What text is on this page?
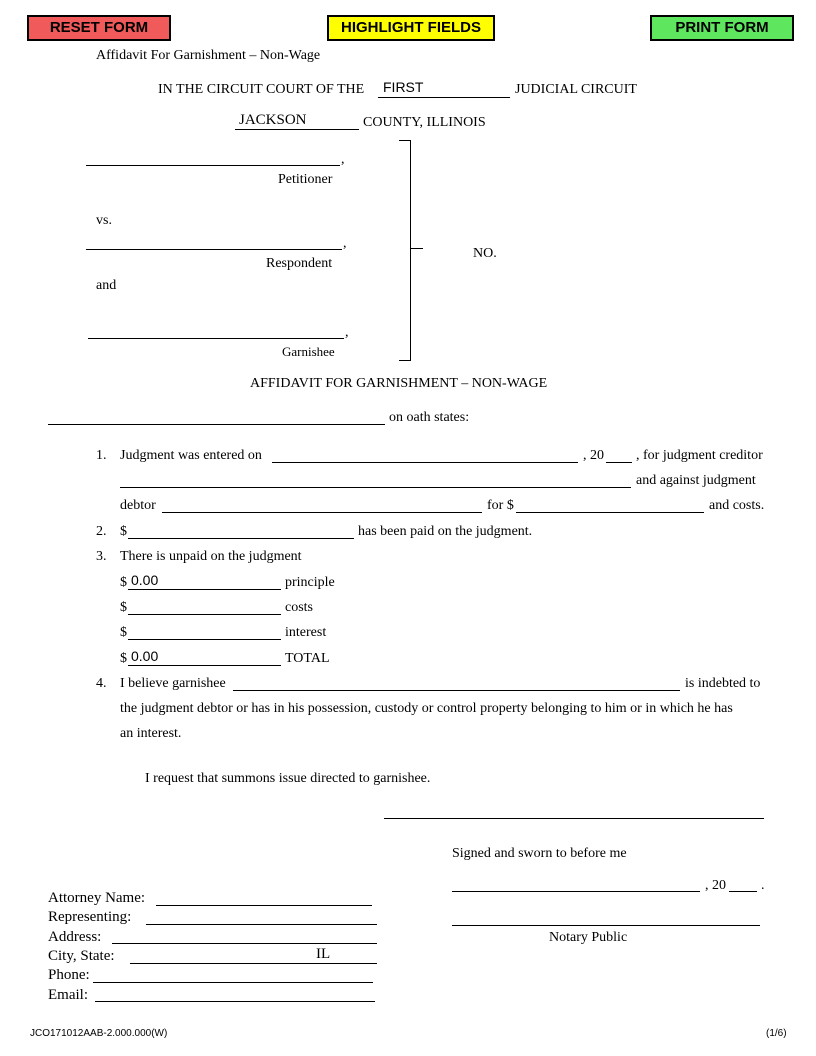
RESET FORM	HIGHLIGHT FIELDS	PRINT FORM
Affidavit For Garnishment – Non-Wage
IN THE CIRCUIT COURT OF THE FIRST	JUDICIAL CIRCUIT
JACKSON	COUNTY, ILLINOIS
,
Petitioner
vs.
,
Respondent
and
,
Garnishee
NO.
AFFIDAVIT FOR GARNISHMENT – NON-WAGE
on oath states:
1. Judgment was entered on	, 20 , for judgment creditor
and against judgment
debtor	for $	and costs.
2. $	has been paid on the judgment.
3. There is unpaid on the judgment
$ 0.00	principle
$	costs
$	interest
$ 0.00	TOTAL
4. I believe garnishee	is indebted to
the judgment debtor or has in his possession, custody or control property belonging to him or in which he has
an interest.
I request that summons issue directed to garnishee.
Signed and sworn to before me
, 20	.
Notary Public
Attorney Name:
Representing:
Address:
City, State:	IL
Phone:
Email:
JCO171012AAB-2.000.000(W)	(1/6)
